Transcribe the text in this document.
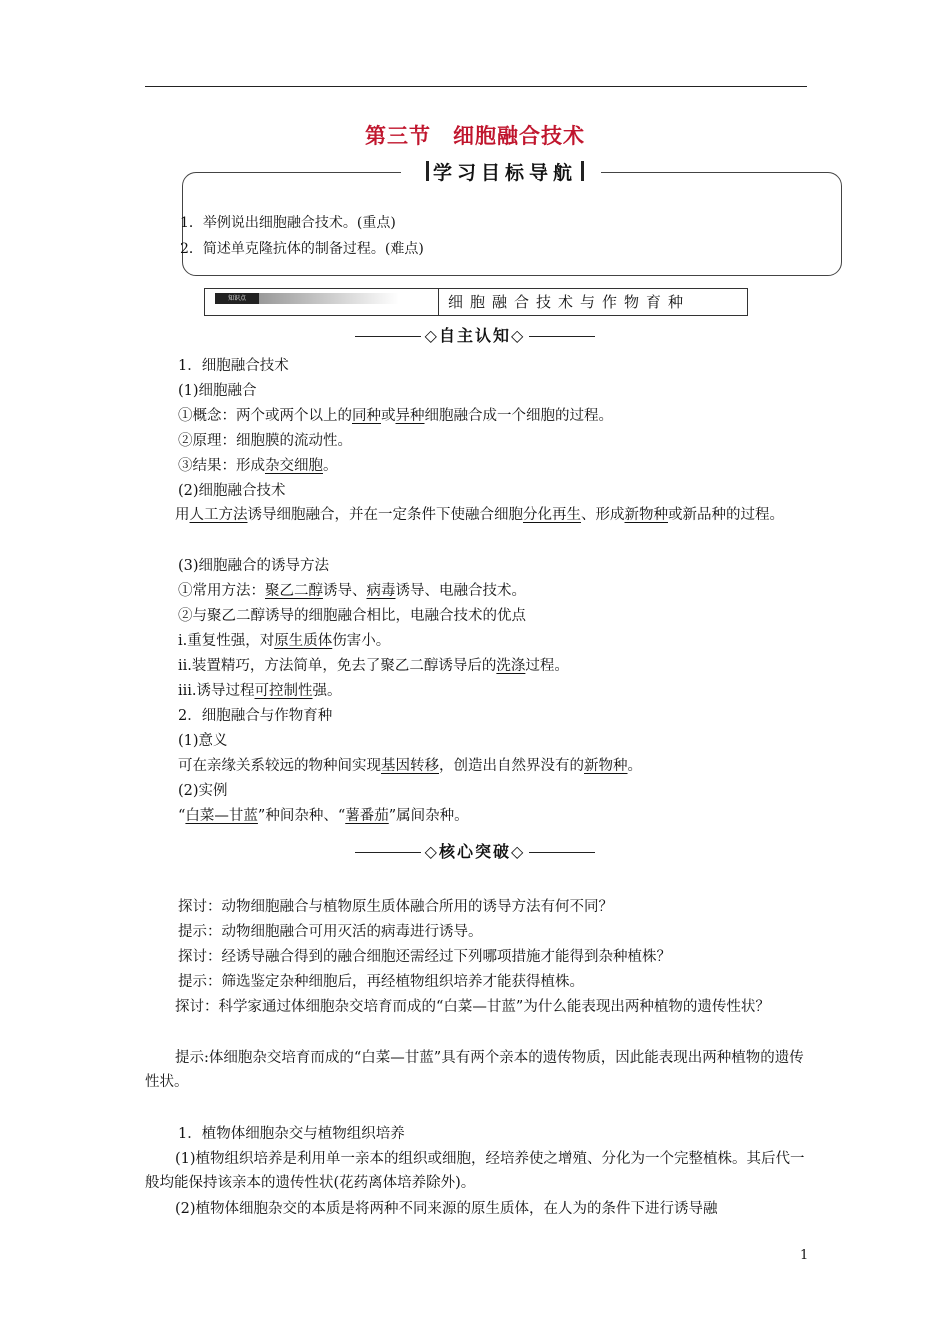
第三节　细胞融合技术
学习目标导航
1．举例说出细胞融合技术。(重点)
2．简述单克隆抗体的制备过程。(难点)
知识点	细胞融合技术与作物育种
◇自主认知◇
1．细胞融合技术
(1)细胞融合
①概念：两个或两个以上的同种或异种细胞融合成一个细胞的过程。
②原理：细胞膜的流动性。
③结果：形成杂交细胞。
(2)细胞融合技术
用人工方法诱导细胞融合，并在一定条件下使融合细胞分化再生、形成新物种或新品种的过程。
(3)细胞融合的诱导方法
①常用方法：聚乙二醇诱导、病毒诱导、电融合技术。
②与聚乙二醇诱导的细胞融合相比，电融合技术的优点
ⅰ.重复性强，对原生质体伤害小。
ⅱ.装置精巧，方法简单，免去了聚乙二醇诱导后的洗涤过程。
ⅲ.诱导过程可控制性强。
2．细胞融合与作物育种
(1)意义
可在亲缘关系较远的物种间实现基因转移，创造出自然界没有的新物种。
(2)实例
“白菜—甘蓝”种间杂种、“薯番茄”属间杂种。
◇核心突破◇
探讨：动物细胞融合与植物原生质体融合所用的诱导方法有何不同？
提示：动物细胞融合可用灭活的病毒进行诱导。
探讨：经诱导融合得到的融合细胞还需经过下列哪项措施才能得到杂种植株？
提示：筛选鉴定杂种细胞后，再经植物组织培养才能获得植株。
探讨：科学家通过体细胞杂交培育而成的“白菜—甘蓝”为什么能表现出两种植物的遗传性状？
提示:体细胞杂交培育而成的“白菜—甘蓝”具有两个亲本的遗传物质，因此能表现出两种植物的遗传性状。
1．植物体细胞杂交与植物组织培养
(1)植物组织培养是利用单一亲本的组织或细胞，经培养使之增殖、分化为一个完整植株。其后代一般均能保持该亲本的遗传性状(花药离体培养除外)。
(2)植物体细胞杂交的本质是将两种不同来源的原生质体，在人为的条件下进行诱导融
1
